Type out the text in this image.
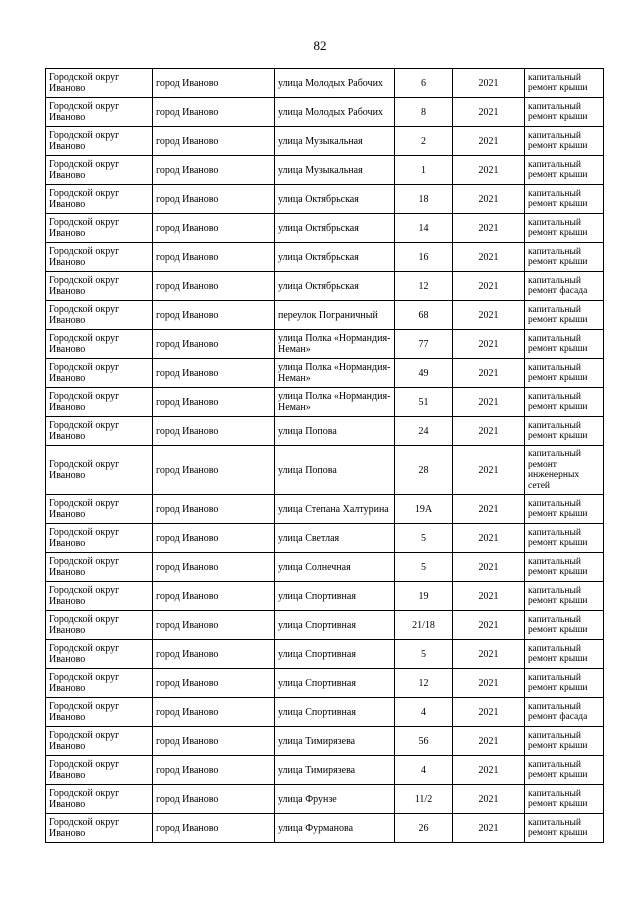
82
Городской округ Иваново	город Иваново	улица Молодых Рабочих	6	2021	капитальный ремонт крыши
Городской округ Иваново	город Иваново	улица Молодых Рабочих	8	2021	капитальный ремонт крыши
Городской округ Иваново	город Иваново	улица Музыкальная	2	2021	капитальный ремонт крыши
Городской округ Иваново	город Иваново	улица Музыкальная	1	2021	капитальный ремонт крыши
Городской округ Иваново	город Иваново	улица Октябрьская	18	2021	капитальный ремонт крыши
Городской округ Иваново	город Иваново	улица Октябрьская	14	2021	капитальный ремонт крыши
Городской округ Иваново	город Иваново	улица Октябрьская	16	2021	капитальный ремонт крыши
Городской округ Иваново	город Иваново	улица Октябрьская	12	2021	капитальный ремонт фасада
Городской округ Иваново	город Иваново	переулок Пограничный	68	2021	капитальный ремонт крыши
Городской округ Иваново	город Иваново	улица Полка «Нормандия-Неман»	77	2021	капитальный ремонт крыши
Городской округ Иваново	город Иваново	улица Полка «Нормандия-Неман»	49	2021	капитальный ремонт крыши
Городской округ Иваново	город Иваново	улица Полка «Нормандия-Неман»	51	2021	капитальный ремонт крыши
Городской округ Иваново	город Иваново	улица Попова	24	2021	капитальный ремонт крыши
Городской округ Иваново	город Иваново	улица Попова	28	2021	капитальный ремонт инженерных сетей
Городской округ Иваново	город Иваново	улица Степана Халтурина	19А	2021	капитальный ремонт крыши
Городской округ Иваново	город Иваново	улица Светлая	5	2021	капитальный ремонт крыши
Городской округ Иваново	город Иваново	улица Солнечная	5	2021	капитальный ремонт крыши
Городской округ Иваново	город Иваново	улица Спортивная	19	2021	капитальный ремонт крыши
Городской округ Иваново	город Иваново	улица Спортивная	21/18	2021	капитальный ремонт крыши
Городской округ Иваново	город Иваново	улица Спортивная	5	2021	капитальный ремонт крыши
Городской округ Иваново	город Иваново	улица Спортивная	12	2021	капитальный ремонт крыши
Городской округ Иваново	город Иваново	улица Спортивная	4	2021	капитальный ремонт фасада
Городской округ Иваново	город Иваново	улица Тимирязева	56	2021	капитальный ремонт крыши
Городской округ Иваново	город Иваново	улица Тимирязева	4	2021	капитальный ремонт крыши
Городской округ Иваново	город Иваново	улица Фрунзе	11/2	2021	капитальный ремонт крыши
Городской округ Иваново	город Иваново	улица Фурманова	26	2021	капитальный ремонт крыши
